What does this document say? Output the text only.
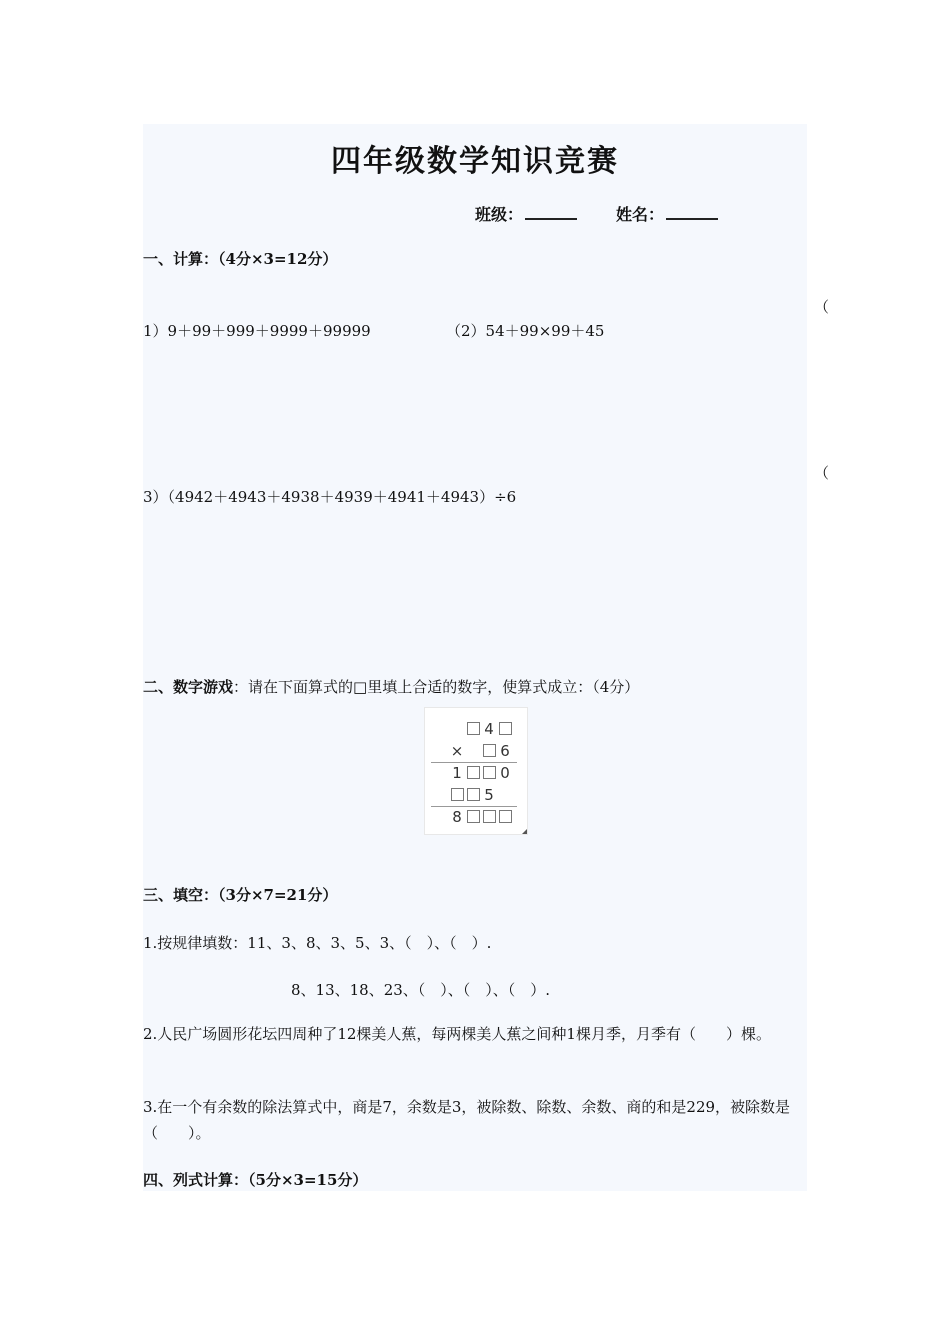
四年级数学知识竞赛
班级：	姓名：
一、计算：（4分×3=12分）
1）9＋99＋999＋9999＋99999	（2）54＋99×99＋45
3）（4942＋4943＋4938＋4939＋4941＋4943）÷6
二、数字游戏：请在下面算式的□里填上合适的数字，使算式成立：（4分）
三、填空：（3分×7=21分）
1.按规律填数：11、3、8、3、5、3、（　）、（　）.
8、13、18、23、（　）、（　）、（　）.
2.人民广场圆形花坛四周种了12棵美人蕉，每两棵美人蕉之间种1棵月季，月季有（　　）棵。
3.在一个有余数的除法算式中，商是7，余数是3，被除数、除数、余数、商的和是229，被除数是（　　）。
四、列式计算：（5分×3=15分）
（
（
4
× 6
1	0
5
8
